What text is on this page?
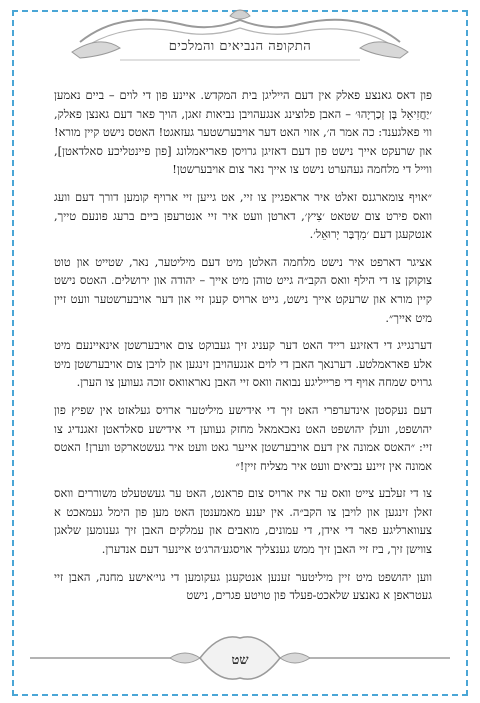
התקופה הנביאים והמלכים

פון דאס גאנצע פאלק אין דעם הייליגן בית המקדש. איינע פון די לוים – ביים נאמען ׳יַחֲזִיאֵל בֶּן זְכַרְיָהוּ׳ – האבן פלוצינג אנגעהויבן נביאות זאגן, הויך פאר דעם גאנצן פאלק, ווי פאלגענד: כה אמר ה׳, אזוי האט דער אויבערשטער געזאגט! האטס נישט קיין מורא! און שרעקט אייך נישט פון דעם דאזיגן גרויסן פאריאמלונג [פון פיינטליכע סאלדאטן], ווייל די מלחמה געהערט נישט צו אייך נאר צום אויבערשטן!

״אויף צומארגנס זאלט איר אראפגיין צו זיי, אט גייען זיי ארויף קומען דורך דעם וועג וואס פירט צום שטאט ׳צִיץ׳, דארטן וועט איר זיי אנטרעפן ביים ברעג פונעם טייך, אנטקעגן דעם ׳מִדְבַּר יְרוּאֵל׳.

אציגר דארפט איר נישט מלחמה האלטן מיט דעם מיליטער, נאר, שטייט און טוט צוקוקן צו די הילף וואס הקב״ה גייט טוהן מיט אייך – יהודה און ירושלים. האטס נישט קיין מורא און שרעקט אייך נישט, גייט ארויס קעגן זיי און דער אויבערשטער וועט זיין מיט אייך״.

דערנגייג די דאזיגע רייד האט דער קעניג זיך געבוקט צום אויבערשטן אינאיינעם מיט אלע פאראמלטע. דערנאך האבן די לוים אנגעהויבן זינגען און לויבן צום אויבערשטן מיט גרויס שמחה אויף די פרייליגע נבואה וואס זיי האבן נאראוואס זוכה געווען צו הערן.

דעם נעקסטן אינדערפרי האט זיך די אידישע מיליטער ארויס געלאזט אין שפיץ פון יהושפט, וועלן יהושפט האט נאכאמאל מחזק געווען די אידישע סאלדאטן זאגנדיג צו זיי: ״האטס אמונה אין דעם אויבערשטן אייער גאט וועט איר געשטארקט ווערן! האטס אמונה אין זיינע נביאים וועט איר מצליח זיין!״

צו די זעלבע צייט וואס ער איז ארויס צום פראנט, האט ער געשטעלט משוררים וואס זאלן זינגען און לויבן צו הקב״ה. אין יענע מאמענטן האט מען פון הימל געמאכט א צעווארליגע פאר די אידן, די עמונים, מואבים און עמלקים האבן זיך גענומען שלאגן צווישן זיך, ביז זיי האבן זיך ממש גענצליך אויסגע׳הרג׳ט איינער דעם אנדערן.

ווען יהושפט מיט זיין מיליטער זענען אנטקעגן געקומען די גוי׳אישע מחנה, האבן זיי געטראפן א גאנצע שלאכט-פעלד פון טויטע פגרים, נישט

שט
